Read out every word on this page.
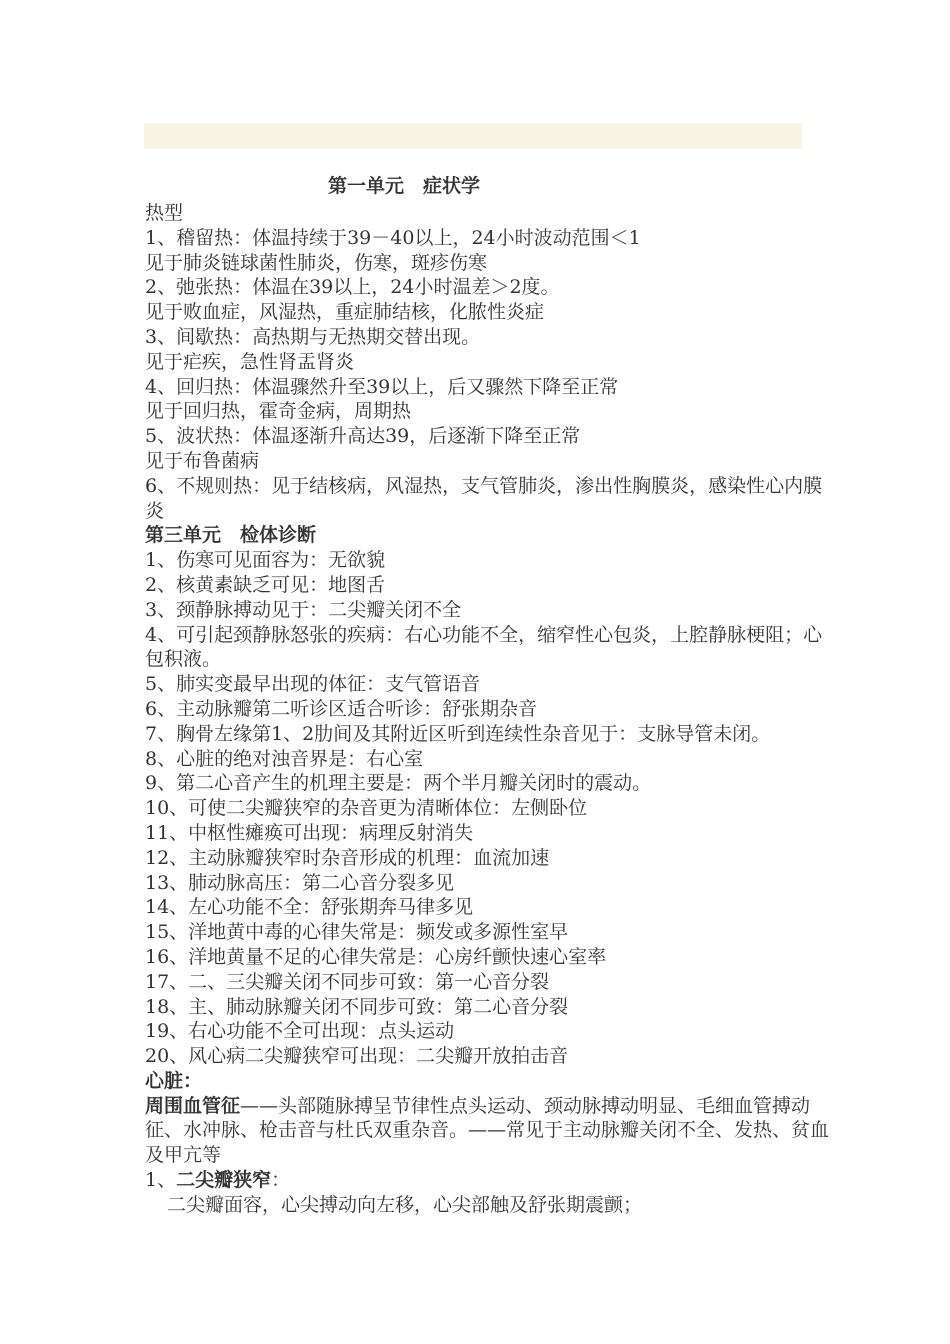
第一单元　症状学
热型
1、稽留热：体温持续于39－40以上，24小时波动范围＜1
见于肺炎链球菌性肺炎，伤寒，斑疹伤寒
2、弛张热：体温在39以上，24小时温差＞2度。
见于败血症，风湿热，重症肺结核，化脓性炎症
3、间歇热：高热期与无热期交替出现。
见于疟疾，急性肾盂肾炎
4、回归热：体温骤然升至39以上，后又骤然下降至正常
见于回归热，霍奇金病，周期热
5、波状热：体温逐渐升高达39，后逐渐下降至正常
见于布鲁菌病
6、不规则热：见于结核病，风湿热，支气管肺炎，渗出性胸膜炎，感染性心内膜炎
第三单元　检体诊断
1、伤寒可见面容为：无欲貌
2、核黄素缺乏可见：地图舌
3、颈静脉搏动见于：二尖瓣关闭不全
4、可引起颈静脉怒张的疾病：右心功能不全，缩窄性心包炎，上腔静脉梗阻；心包积液。
5、肺实变最早出现的体征：支气管语音
6、主动脉瓣第二听诊区适合听诊：舒张期杂音
7、胸骨左缘第1、2肋间及其附近区听到连续性杂音见于：支脉导管未闭。
8、心脏的绝对浊音界是：右心室
9、第二心音产生的机理主要是：两个半月瓣关闭时的震动。
10、可使二尖瓣狭窄的杂音更为清晰体位：左侧卧位
11、中枢性瘫痪可出现：病理反射消失
12、主动脉瓣狭窄时杂音形成的机理：血流加速
13、肺动脉高压：第二心音分裂多见
14、左心功能不全：舒张期奔马律多见
15、洋地黄中毒的心律失常是：频发或多源性室早
16、洋地黄量不足的心律失常是：心房纤颤快速心室率
17、二、三尖瓣关闭不同步可致：第一心音分裂
18、主、肺动脉瓣关闭不同步可致：第二心音分裂
19、右心功能不全可出现：点头运动
20、风心病二尖瓣狭窄可出现：二尖瓣开放拍击音
心脏：
周围血管征——头部随脉搏呈节律性点头运动、颈动脉搏动明显、毛细血管搏动征、水冲脉、枪击音与杜氏双重杂音。——常见于主动脉瓣关闭不全、发热、贫血及甲亢等
1、二尖瓣狭窄：
二尖瓣面容，心尖搏动向左移，心尖部触及舒张期震颤；
